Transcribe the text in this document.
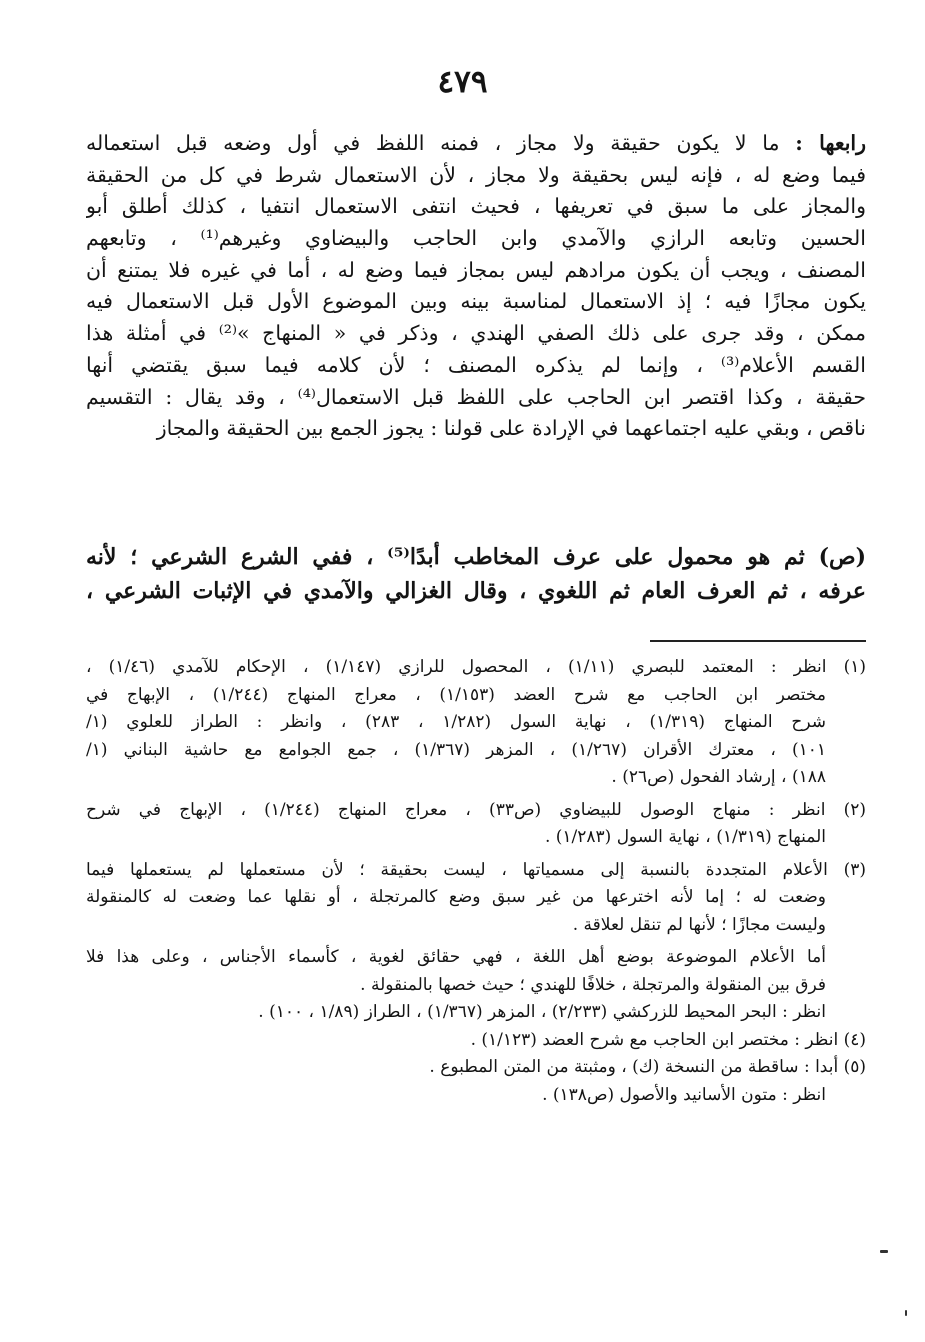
٤٧٩
رابعها : ما لا يكون حقيقة ولا مجاز ، فمنه اللفظ في أول وضعه قبل استعماله
فيما وضع له ، فإنه ليس بحقيقة ولا مجاز ، لأن الاستعمال شرط في كل من الحقيقة
والمجاز على ما سبق في تعريفها ، فحيث انتفى الاستعمال انتفيا ، كذلك أطلق أبو
الحسين وتابعه الرازي والآمدي وابن الحاجب والبيضاوي وغيرهم⁽¹⁾ ، وتابعهم
المصنف ، ويجب أن يكون مرادهم ليس بمجاز فيما وضع له ، أما في غيره فلا يمتنع أن
يكون مجازًا فيه ؛ إذ الاستعمال لمناسبة بينه وبين الموضوع الأول قبل الاستعمال فيه
ممكن ، وقد جرى على ذلك الصفي الهندي ، وذكر في « المنهاج »⁽²⁾ في أمثلة هذا
القسم الأعلام⁽³⁾ ، وإنما لم يذكره المصنف ؛ لأن كلامه فيما سبق يقتضي أنها
حقيقة ، وكذا اقتصر ابن الحاجب على اللفظ قبل الاستعمال⁽⁴⁾ ، وقد يقال : التقسيم
ناقص ، وبقي عليه اجتماعهما في الإرادة على قولنا : يجوز الجمع بين الحقيقة والمجاز
(ص) ثم هو محمول على عرف المخاطب أبدًا⁽⁵⁾ ، ففي الشرع الشرعي ؛ لأنه
عرفه ، ثم العرف العام ثم اللغوي ، وقال الغزالي والآمدي في الإثبات الشرعي ،
(١) انظر : المعتمد للبصري (١/١١) ، المحصول للرازي (١/١٤٧) ، الإحكام للآمدي (١/٤٦) ،
مختصر ابن الحاجب مع شرح العضد (١/١٥٣) ، معراج المنهاج (١/٢٤٤) ، الإبهاج في
شرح المنهاج (١/٣١٩) ، نهاية السول (١/٢٨٢ ، ٢٨٣) ، وانظر : الطراز للعلوي (١/
١٠١) ، معترك الأقران (١/٢٦٧) ، المزهر (١/٣٦٧) ، جمع الجوامع مع حاشية البناني (١/
١٨٨) ، إرشاد الفحول (ص٢٦) .
(٢) انظر : منهاج الوصول للبيضاوي (ص٣٣) ، معراج المنهاج (١/٢٤٤) ، الإبهاج في شرح
المنهاج (١/٣١٩) ، نهاية السول (١/٢٨٣) .
(٣) الأعلام المتجددة بالنسبة إلى مسمياتها ، ليست بحقيقة ؛ لأن مستعملها لم يستعملها فيما
وضعت له ؛ إما لأنه اخترعها من غير سبق وضع كالمرتجلة ، أو نقلها عما وضعت له كالمنقولة
وليست مجازًا ؛ لأنها لم تنقل لعلاقة .
أما الأعلام الموضوعة بوضع أهل اللغة ، فهي حقائق لغوية ، كأسماء الأجناس ، وعلى هذا فلا
فرق بين المنقولة والمرتجلة ، خلافًا للهندي ؛ حيث خصها بالمنقولة .
انظر : البحر المحيط للزركشي (٢/٢٣٣) ، المزهر (١/٣٦٧) ، الطراز (١/٨٩ ، ١٠٠) .
(٤) انظر : مختصر ابن الحاجب مع شرح العضد (١/١٢٣) .
(٥) أبدا : ساقطة من النسخة (ك) ، ومثبتة من المتن المطبوع .
انظر : متون الأسانيد والأصول (ص١٣٨) .
